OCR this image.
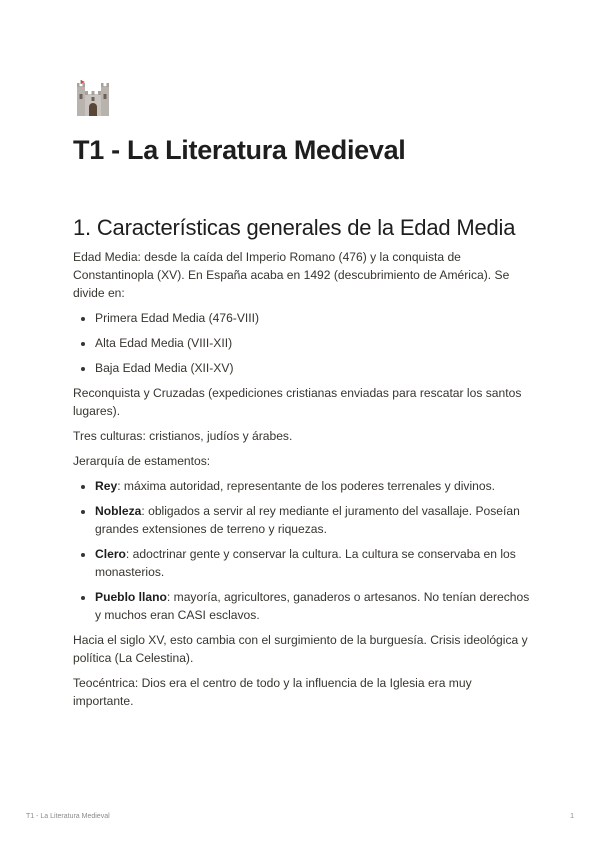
T1 - La Literatura Medieval
1. Características generales de la Edad Media

Edad Media: desde la caída del Imperio Romano (476) y la conquista de Constantinopla (XV). En España acaba en 1492 (descubrimiento de América). Se divide en:

• Primera Edad Media (476-VIII)
• Alta Edad Media (VIII-XII)
• Baja Edad Media (XII-XV)

Reconquista y Cruzadas (expediciones cristianas enviadas para rescatar los santos lugares).

Tres culturas: cristianos, judíos y árabes.

Jerarquía de estamentos:

• Rey: máxima autoridad, representante de los poderes terrenales y divinos.
• Nobleza: obligados a servir al rey mediante el juramento del vasallaje. Poseían grandes extensiones de terreno y riquezas.
• Clero: adoctrinar gente y conservar la cultura. La cultura se conservaba en los monasterios.
• Pueblo llano: mayoría, agricultores, ganaderos o artesanos. No tenían derechos y muchos eran CASI esclavos.

Hacia el siglo XV, esto cambia con el surgimiento de la burguesía. Crisis ideológica y política (La Celestina).

Teocéntrica: Dios era el centro de todo y la influencia de la Iglesia era muy importante.

T1 - La Literatura Medieval	1
